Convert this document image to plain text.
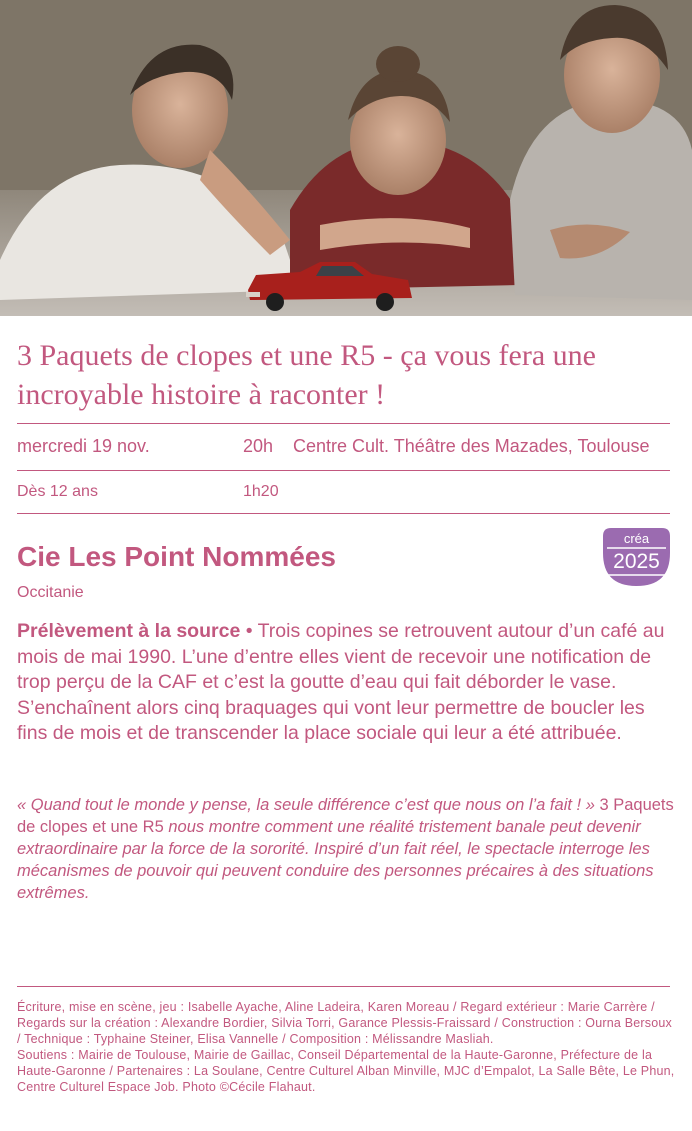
3 Paquets de clopes et une R5 - ça vous fera une incroyable histoire à raconter !
mercredi 19 nov.	20h Centre Cult. Théâtre des Mazades, Toulouse
Dès 12 ans	1h20
Cie Les Point Nommées
Occitanie
créa
2025

Prélèvement à la source • Trois copines se retrouvent autour d’un café au mois de mai 1990. L’une d’entre elles vient de recevoir une notification de trop perçu de la CAF et c’est la goutte d’eau qui fait déborder le vase. S’enchaînent alors cinq braquages qui vont leur permettre de boucler les fins de mois et de transcender la place sociale qui leur a été attribuée.

« Quand tout le monde y pense, la seule différence c’est que nous on l’a fait ! » 3 Paquets de clopes et une R5 nous montre comment une réalité tristement banale peut devenir extraordinaire par la force de la sororité. Inspiré d’un fait réel, le spectacle interroge les mécanismes de pouvoir qui peuvent conduire des personnes précaires à des situations extrêmes.

Écriture, mise en scène, jeu : Isabelle Ayache, Aline Ladeira, Karen Moreau / Regard extérieur : Marie Carrère / Regards sur la création : Alexandre Bordier, Silvia Torri, Garance Plessis-Fraissard / Construction : Ourna Bersoux / Technique : Typhaine Steiner, Elisa Vannelle / Composition : Mélissandre Masliah.

Soutiens : Mairie de Toulouse, Mairie de Gaillac, Conseil Départemental de la Haute-Garonne, Préfecture de la Haute-Garonne / Partenaires : La Soulane, Centre Culturel Alban Minville, MJC d’Empalot, La Salle Bête, Le Phun, Centre Culturel Espace Job. Photo ©Cécile Flahaut.
